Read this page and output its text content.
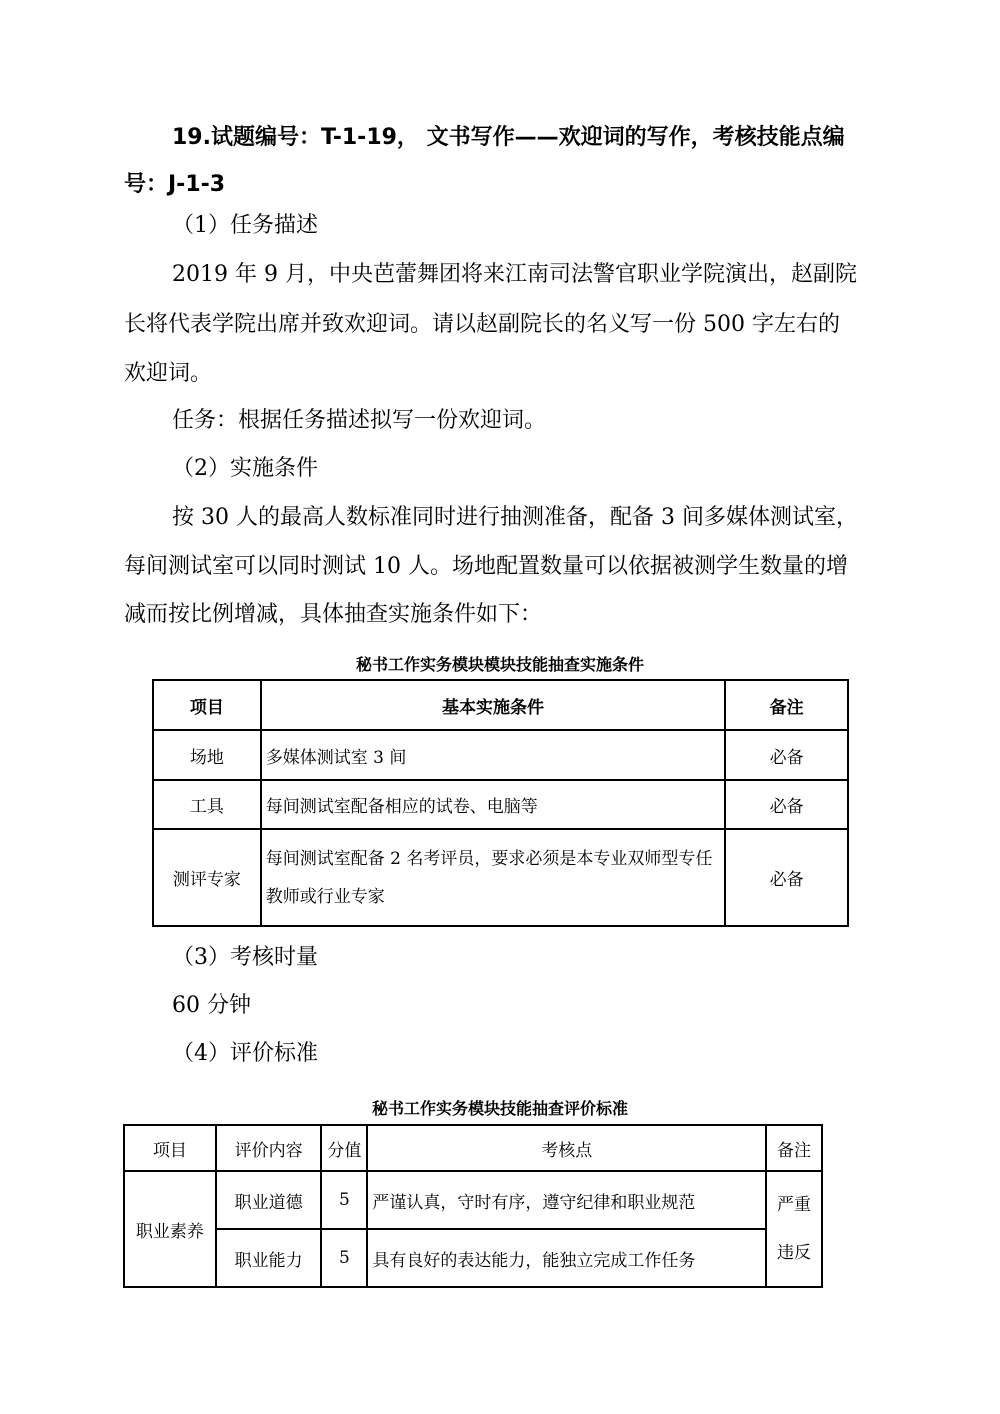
19.试题编号：T-1-19， 文书写作——欢迎词的写作，考核技能点编
号：J-1-3
（1）任务描述
2019 年 9 月，中央芭蕾舞团将来江南司法警官职业学院演出，赵副院
长将代表学院出席并致欢迎词。请以赵副院长的名义写一份 500 字左右的
欢迎词。
任务：根据任务描述拟写一份欢迎词。
（2）实施条件
按 30 人的最高人数标准同时进行抽测准备，配备 3 间多媒体测试室，
每间测试室可以同时测试 10 人。场地配置数量可以依据被测学生数量的增
减而按比例增减，具体抽查实施条件如下：
秘书工作实务模块模块技能抽查实施条件
项目	基本实施条件	备注
场地	多媒体测试室 3 间	必备
工具	每间测试室配备相应的试卷、电脑等	必备
测评专家	每间测试室配备 2 名考评员，要求必须是本专业双师型专任教师或行业专家	必备
（3）考核时量
60 分钟
（4）评价标准
秘书工作实务模块技能抽查评价标准
项目	评价内容	分值	考核点	备注
职业素养	职业道德	5	严谨认真，守时有序，遵守纪律和职业规范	严重违反
	职业能力	5	具有良好的表达能力，能独立完成工作任务	
